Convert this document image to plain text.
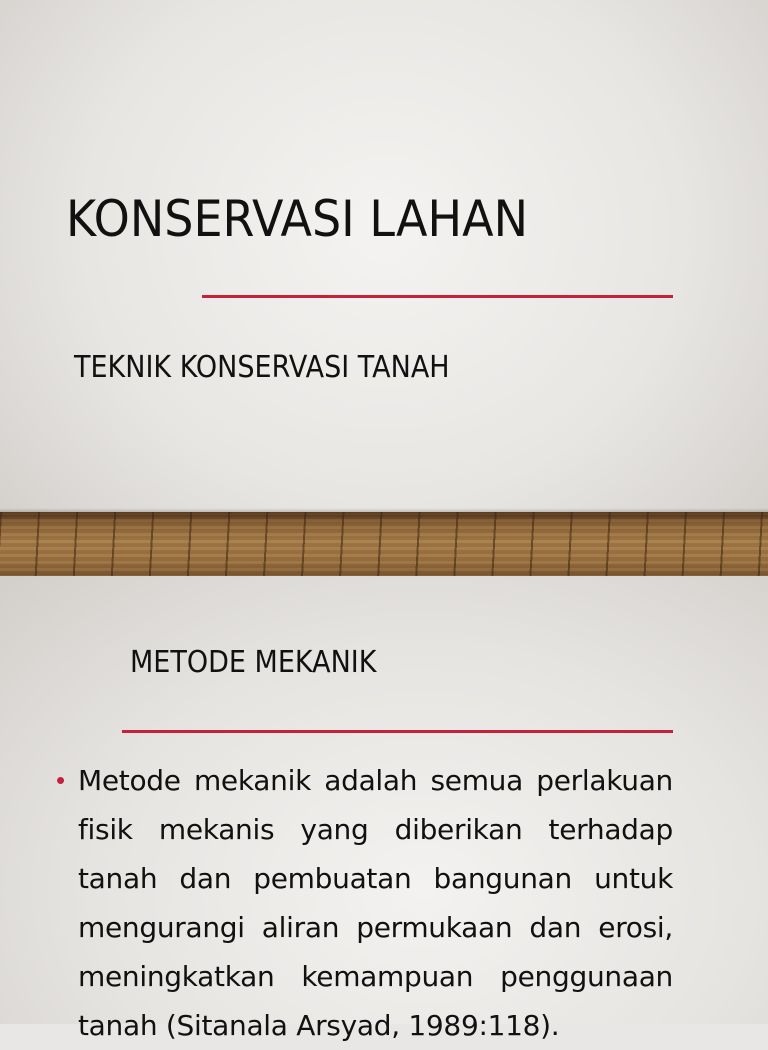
KONSERVASI LAHAN
TEKNIK KONSERVASI TANAH
METODE MEKANIK
• Metode mekanik adalah semua perlakuan fisik mekanis yang diberikan terhadap tanah dan pembuatan bangunan untuk mengurangi aliran permukaan dan erosi, meningkatkan kemampuan penggunaan tanah (Sitanala Arsyad, 1989:118).
